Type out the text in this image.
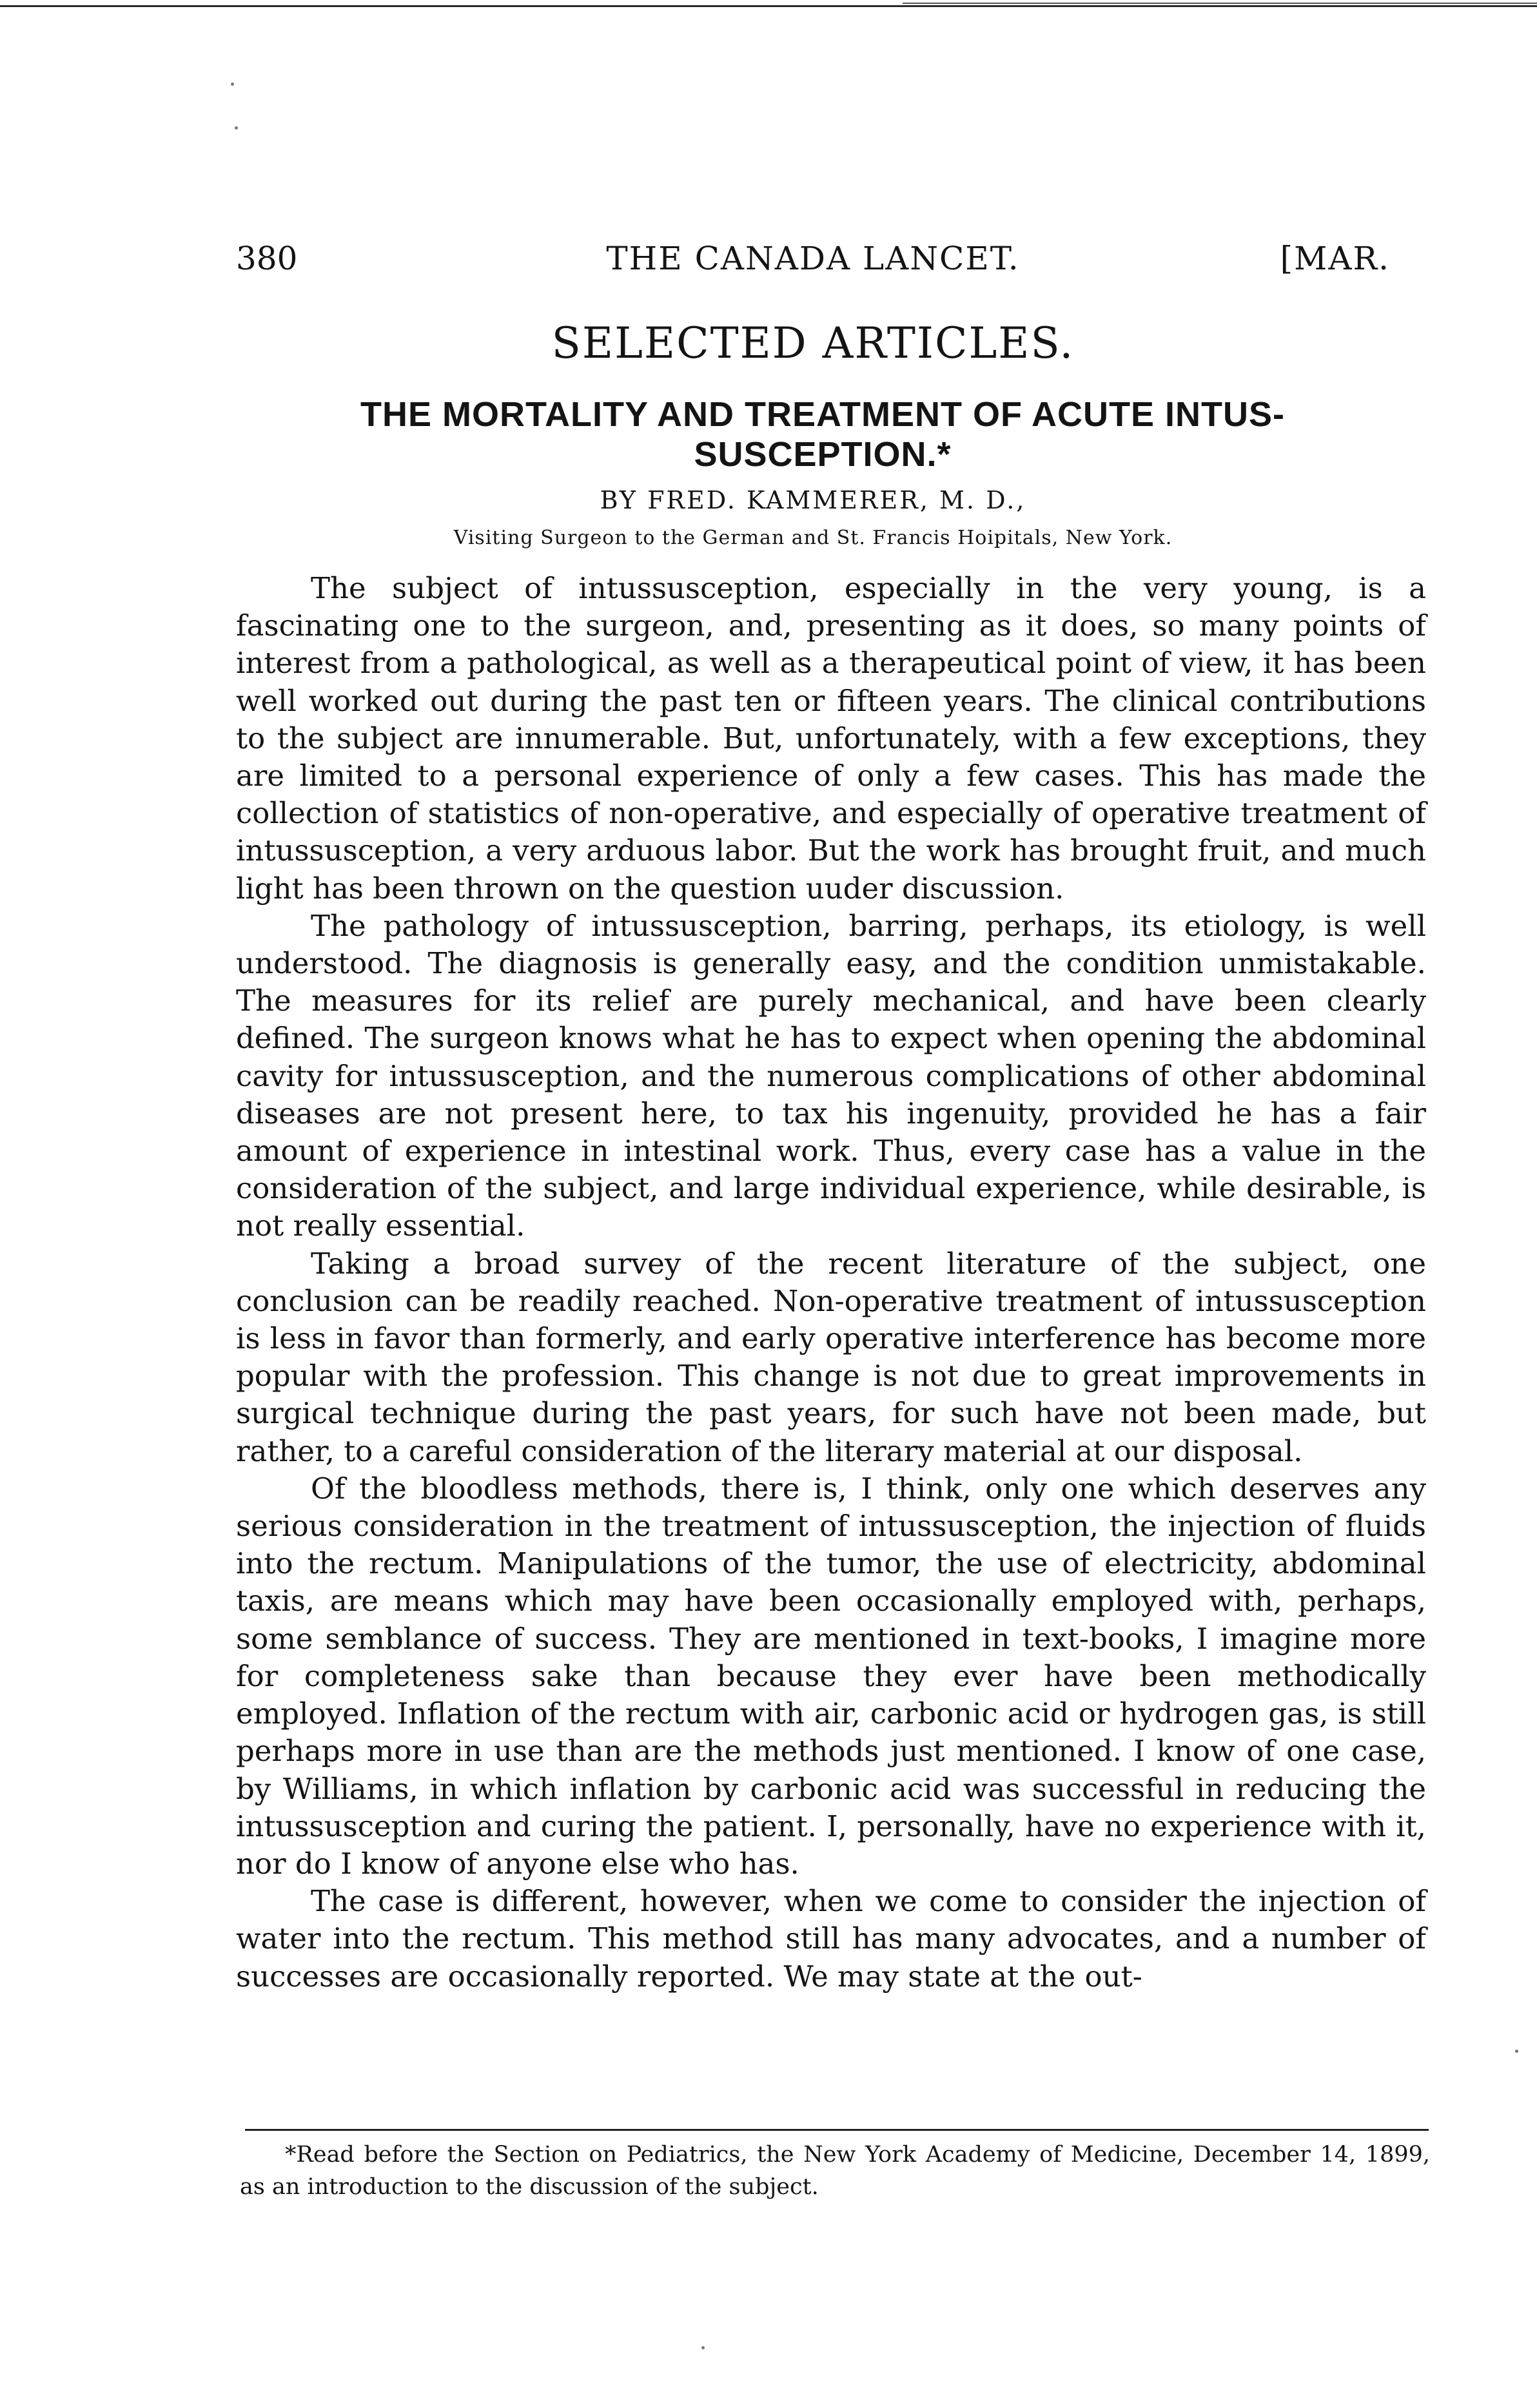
380	THE CANADA LANCET.	[MAR.
SELECTED ARTICLES.
THE MORTALITY AND TREATMENT OF ACUTE INTUS-SUSCEPTION.*
BY FRED. KAMMERER, M. D.,
Visiting Surgeon to the German and St. Francis Hoipitals, New York.

The subject of intussusception, especially in the very young, is a fascinating one to the surgeon, and, presenting as it does, so many points of interest from a pathological, as well as a therapeutical point of view, it has been well worked out during the past ten or fifteen years. The clinical contributions to the subject are innumerable. But, unfortunately, with a few exceptions, they are limited to a personal experience of only a few cases. This has made the collection of statistics of non-operative, and especially of operative treatment of intussusception, a very arduous labor. But the work has brought fruit, and much light has been thrown on the question uuder discussion.

The pathology of intussusception, barring, perhaps, its etiology, is well understood. The diagnosis is generally easy, and the condition unmistakable. The measures for its relief are purely mechanical, and have been clearly defined. The surgeon knows what he has to expect when opening the abdominal cavity for intussusception, and the numerous complications of other abdominal diseases are not present here, to tax his ingenuity, provided he has a fair amount of experience in intestinal work. Thus, every case has a value in the consideration of the subject, and large individual experience, while desirable, is not really essential.

Taking a broad survey of the recent literature of the subject, one conclusion can be readily reached. Non-operative treatment of intussusception is less in favor than formerly, and early operative interference has become more popular with the profession. This change is not due to great improvements in surgical technique during the past years, for such have not been made, but rather, to a careful consideration of the literary material at our disposal.

Of the bloodless methods, there is, I think, only one which deserves any serious consideration in the treatment of intussusception, the injection of fluids into the rectum. Manipulations of the tumor, the use of electricity, abdominal taxis, are means which may have been occasionally employed with, perhaps, some semblance of success. They are mentioned in text-books, I imagine more for completeness sake than because they ever have been methodically employed. Inflation of the rectum with air, carbonic acid or hydrogen gas, is still perhaps more in use than are the methods just mentioned. I know of one case, by Williams, in which inflation by carbonic acid was successful in reducing the intussusception and curing the patient. I, personally, have no experience with it, nor do I know of anyone else who has.

The case is different, however, when we come to consider the injection of water into the rectum. This method still has many advocates, and a number of successes are occasionally reported. We may state at the out-

*Read before the Section on Pediatrics, the New York Academy of Medicine, December 14, 1899, as an introduction to the discussion of the subject.
